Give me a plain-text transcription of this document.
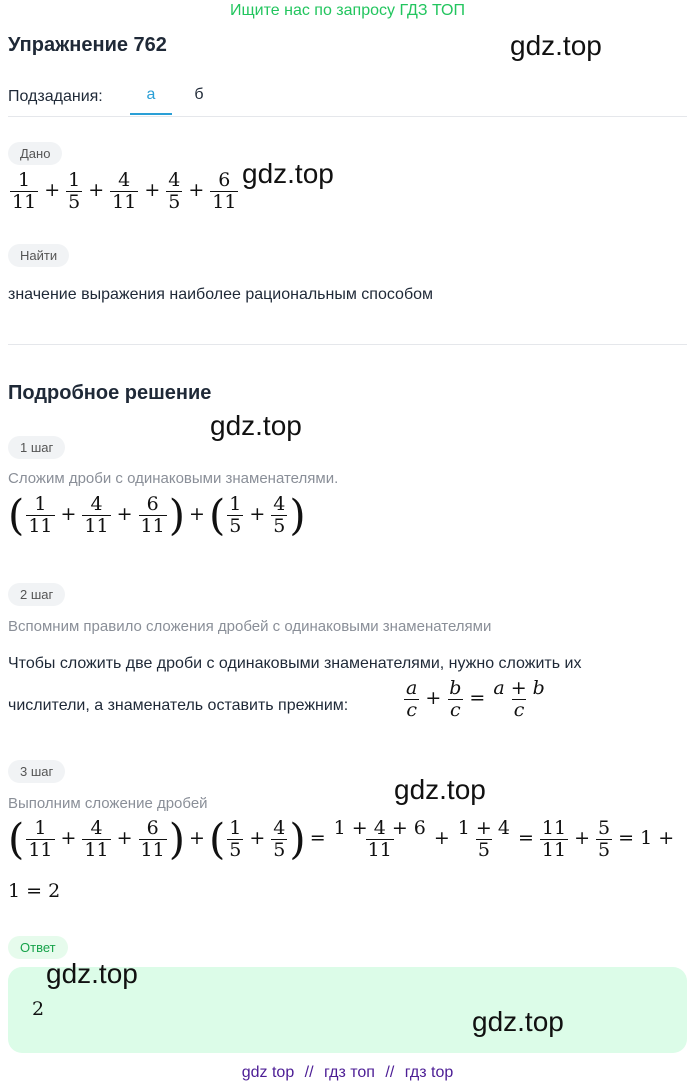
Ищите нас по запросу ГДЗ ТОП
Упражнение 762	gdz.top
Подзадания:	а	б
Дано
$\frac{1}{11} + \frac{1}{5} + \frac{4}{11} + \frac{4}{5} + \frac{6}{11} gdz.top$
Найти
значение выражения наиболее рациональным способом
Подробное решение
gdz.top
1 шаг
Сложим дроби с одинаковыми знаменателями.
( $\frac{1}{11} + \frac{4}{11} + \frac{6}{11}$ ) +( $\frac{1}{5} + \frac{4}{5}$ )
2 шаг
Вспомним правило сложения дробей с одинаковыми знаменателями
Чтобы сложить две дроби с одинаковыми знаменателями, нужно сложить их
числители, а знаменатель оставить прежним:	$\frac{a}{c} + \frac{b}{c} = \frac{a + b}{c}$
3 шаг
gdz.top
Выполним сложение дробей
( $\frac{1}{11} + \frac{4}{11} + \frac{6}{11}$ ) +( $\frac{1}{5} + \frac{4}{5}$ ) = $\frac{1 + 4 + 6}{11} + \frac{1 + 4}{5} = \frac{11}{11} + \frac{5}{5} = 1$ +
1 = 2
Ответ
gdz.top
2	gdz.top
gdz top // гдз топ // гдз top
